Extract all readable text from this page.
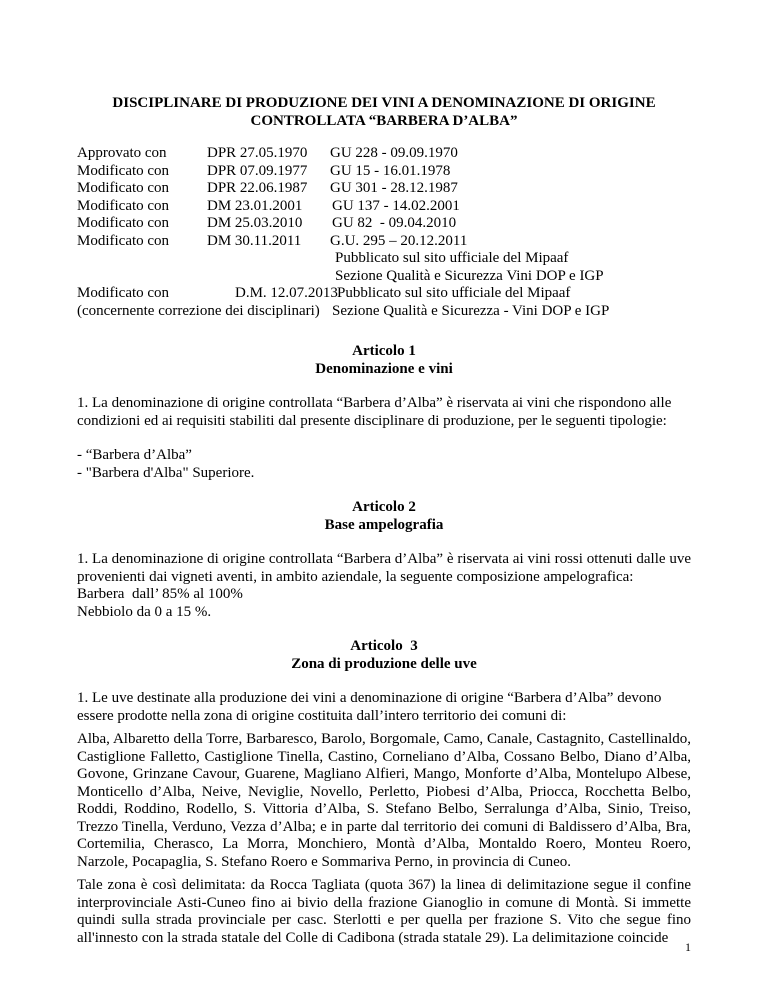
DISCIPLINARE DI PRODUZIONE DEI VINI A DENOMINAZIONE DI ORIGINE

CONTROLLATA “BARBERA D’ALBA”

Approvato con	DPR 27.05.1970 GU 228 - 09.09.1970
Modificato con	DPR 07.09.1977 GU 15 - 16.01.1978
Modificato con	DPR 22.06.1987 GU 301 - 28.12.1987
Modificato con	DM 23.01.2001 GU 137 - 14.02.2001
Modificato con	DM 25.03.2010 GU 82  - 09.04.2010
Modificato con	DM 30.11.2011 G.U. 295 – 20.12.2011
Pubblicato sul sito ufficiale del Mipaaf
Sezione Qualità e Sicurezza Vini DOP e IGP
Modificato con	D.M. 12.07.2013 Pubblicato sul sito ufficiale del Mipaaf
(concernente correzione dei disciplinari) Sezione Qualità e Sicurezza - Vini DOP e IGP

Articolo 1

Denominazione e vini

1. La denominazione di origine controllata “Barbera d’Alba” è riservata ai vini che rispondono alle condizioni ed ai requisiti stabiliti dal presente disciplinare di produzione, per le seguenti tipologie:

- “Barbera d’Alba”

- "Barbera d'Alba" Superiore.

Articolo 2

Base ampelografia

1. La denominazione di origine controllata “Barbera d’Alba” è riservata ai vini rossi ottenuti dalle uve provenienti dai vigneti aventi, in ambito aziendale, la seguente composizione ampelografica:

Barbera  dall’ 85% al 100%

Nebbiolo da 0 a 15 %.

Articolo  3

Zona di produzione delle uve

1. Le uve destinate alla produzione dei vini a denominazione di origine “Barbera d’Alba” devono essere prodotte nella zona di origine costituita dall’intero territorio dei comuni di:

Alba, Albaretto della Torre, Barbaresco, Barolo, Borgomale, Camo, Canale, Castagnito, Castellinaldo, Castiglione Falletto, Castiglione Tinella, Castino, Corneliano d’Alba, Cossano Belbo, Diano d’Alba, Govone, Grinzane Cavour, Guarene, Magliano Alfieri, Mango, Monforte d’Alba, Montelupo Albese, Monticello d’Alba, Neive, Neviglie, Novello, Perletto, Piobesi d’Alba, Priocca, Rocchetta Belbo, Roddi, Roddino, Rodello, S. Vittoria d’Alba, S. Stefano Belbo, Serralunga d’Alba, Sinio, Treiso, Trezzo Tinella, Verduno, Vezza d’Alba; e in parte dal territorio dei comuni di Baldissero d’Alba, Bra, Cortemilia, Cherasco, La Morra, Monchiero, Montà d’Alba, Montaldo Roero, Monteu Roero, Narzole, Pocapaglia, S. Stefano Roero e Sommariva Perno, in provincia di Cuneo.

Tale zona è così delimitata: da Rocca Tagliata (quota 367) la linea di delimitazione segue il confine interprovinciale Asti-Cuneo fino ai bivio della frazione Gianoglio in comune di Montà. Si immette quindi sulla strada provinciale per casc. Sterlotti e per quella per frazione S. Vito che segue fino all'innesto con la strada statale del Colle di Cadibona (strada statale 29). La delimitazione coincide

1
